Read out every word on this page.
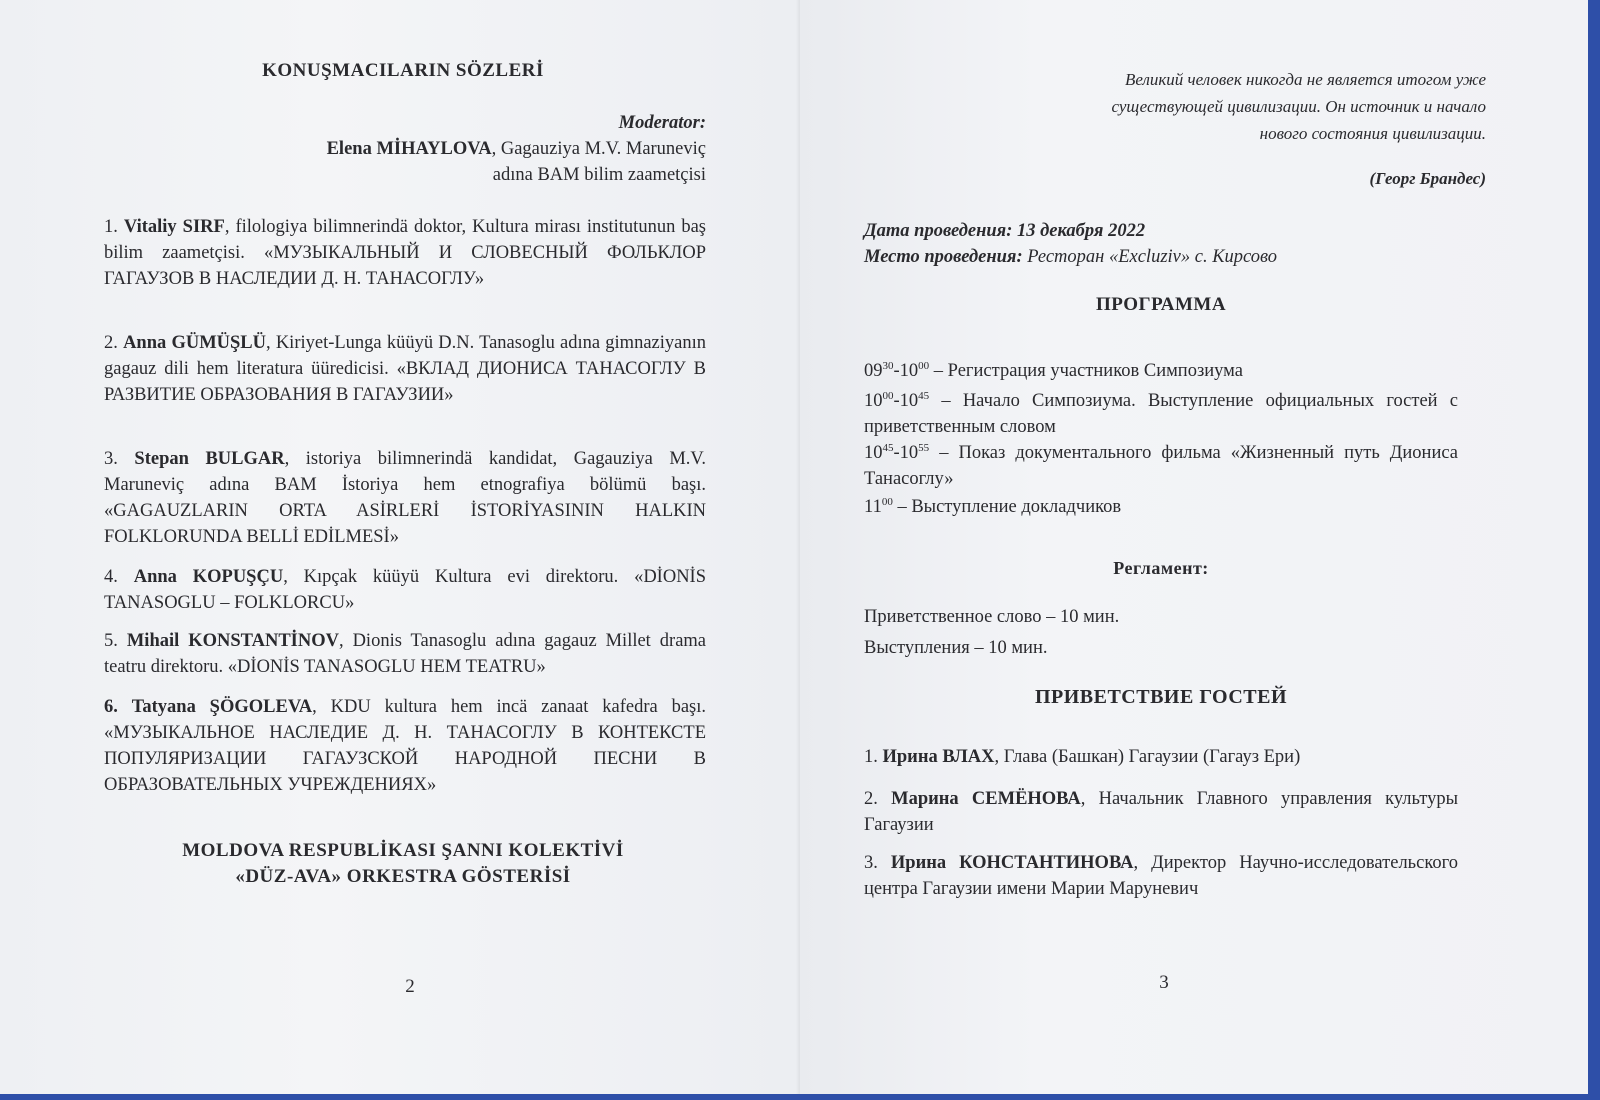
KONUŞMACILARIN SÖZLERİ
Moderator:
Elena MİHAYLOVA, Gagauziya M.V. Maruneviç
adına BAM bilim zaametçisi
1. Vitaliy SIRF, filologiya bilimnerindä doktor, Kultura mirası institutunun baş bilim zaametçisi. «МУЗЫКАЛЬНЫЙ И СЛОВЕСНЫЙ ФОЛЬКЛОР ГАГАУЗОВ В НАСЛЕДИИ Д. Н. ТАНАСОГЛУ»
2. Anna GÜMÜŞLÜ, Kiriyet-Lunga küüyü D.N. Tanasoglu adına gimnaziyanın gagauz dili hem literatura üüredicisi. «ВКЛАД ДИОНИСА ТАНАСОГЛУ В РАЗВИТИЕ ОБРАЗОВАНИЯ В ГАГАУЗИИ»
3. Stepan BULGAR, istoriya bilimnerindä kandidat, Gagauziya M.V. Maruneviç adına BAM İstoriya hem etnografiya bölümü başı. «GAGAUZLARIN ORTA ASİRLERİ İSTORİYASININ HALKIN FOLKLORUNDA BELLİ EDİLMESİ»
4. Anna KOPUŞÇU, Kıpçak küüyü Kultura evi direktoru. «DİONİS TANASOGLU – FOLKLORCU»
5. Mihail KONSTANTİNOV, Dionis Tanasoglu adına gagauz Millet drama teatru direktoru. «DİONİS TANASOGLU HEM TEATRU»
6. Tatyana ŞÖGOLEVA, KDU kultura hem incä zanaat kafedra başı. «МУЗЫКАЛЬНОЕ НАСЛЕДИЕ Д. Н. ТАНАСОГЛУ В КОНТЕКСТЕ ПОПУЛЯРИЗАЦИИ ГАГАУЗСКОЙ НАРОДНОЙ ПЕСНИ В ОБРАЗОВАТЕЛЬНЫХ УЧРЕЖДЕНИЯХ»
MOLDOVA RESPUBLİKASI ŞANNI KOLEKTİVİ
«DÜZ-AVA» ORKESTRA GÖSTERİSİ
2
Великий человек никогда не является итогом уже
существующей цивилизации. Он источник и начало
нового состояния цивилизации.
(Георг Брандес)
Дата проведения: 13 декабря 2022
Место проведения: Ресторан «Excluziv» с. Кирсово
ПРОГРАММА
$09^{30}-10^{00}$ – Регистрация участников Симпозиума
$10^{00}-10^{45}$ – Начало Симпозиума. Выступление официальных гостей с приветственным словом
$10^{45}-10^{55}$ – Показ документального фильма «Жизненный путь Диониса Танасоглу»
$11^{00}$ – Выступление докладчиков
Регламент:
Приветственное слово – 10 мин.
Выступления – 10 мин.
ПРИВЕТСТВИЕ ГОСТЕЙ
1. Ирина ВЛАХ, Глава (Башкан) Гагаузии (Гагауз Ери)
2. Марина СЕМЁНОВА, Начальник Главного управления культуры Гагаузии
3. Ирина КОНСТАНТИНОВА, Директор Научно-исследовательского центра Гагаузии имени Марии Маруневич
3
